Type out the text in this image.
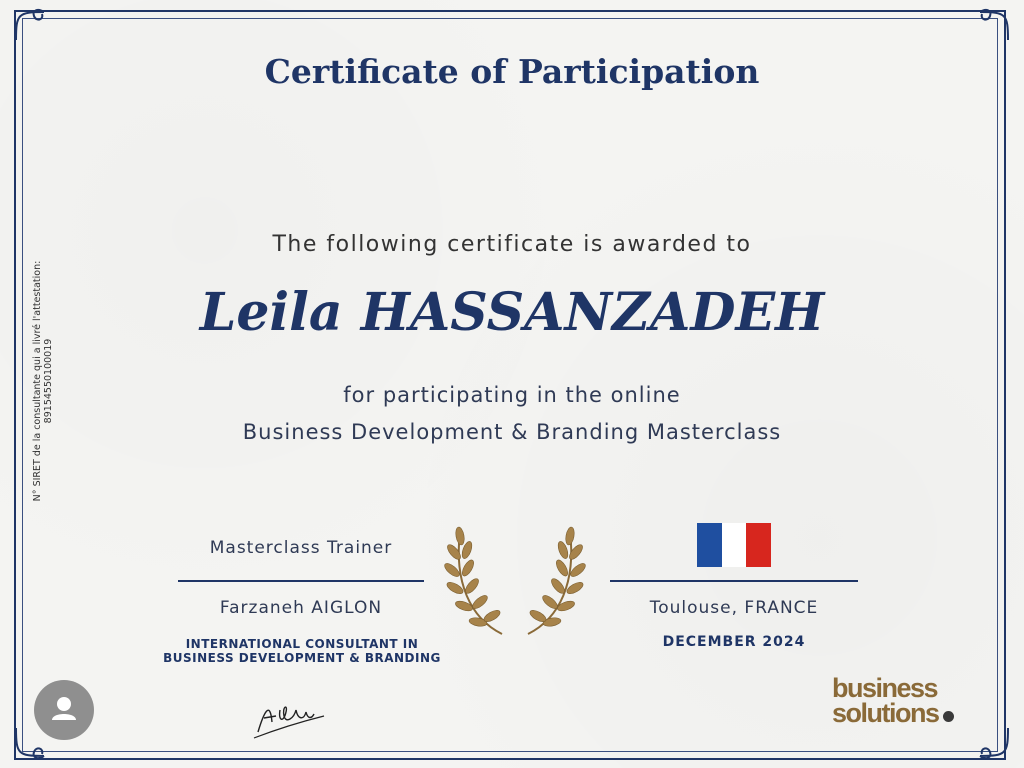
Certificate of Participation
The following certificate is awarded to
Leila HASSANZADEH
for participating in the online
Business Development & Branding Masterclass
N° SIRET de la consultante qui a livré l'attestation: 89154550100019
Masterclass Trainer
Farzaneh AIGLON
INTERNATIONAL CONSULTANT IN BUSINESS DEVELOPMENT & BRANDING
Toulouse, FRANCE
DECEMBER 2024
business
solutions
